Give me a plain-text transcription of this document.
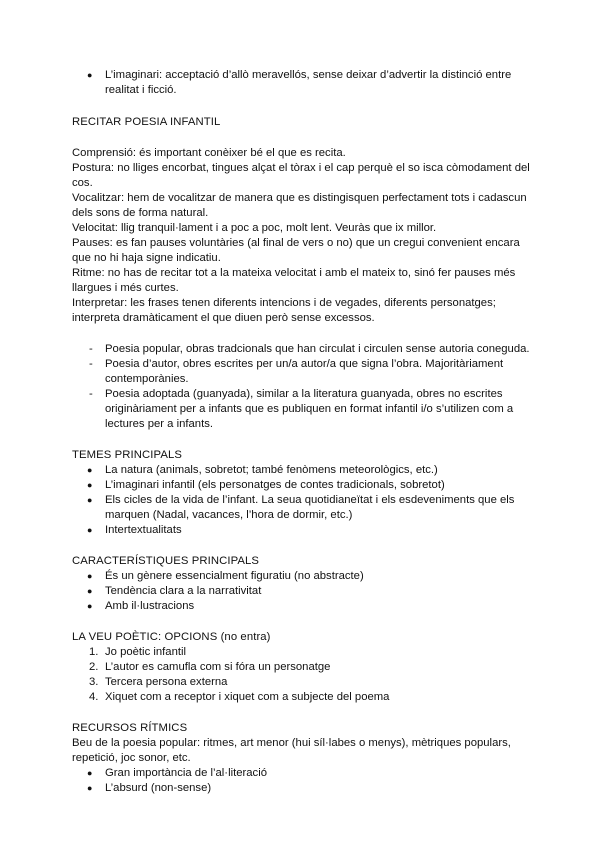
● L’imaginari: acceptació d’allò meravellós, sense deixar d’advertir la distinció entre realitat i ficció.

RECITAR POESIA INFANTIL

Comprensió: és important conèixer bé el que es recita.

Postura: no lliges encorbat, tingues alçat el tòrax i el cap perquè el so isca còmodament del cos.

Vocalitzar: hem de vocalitzar de manera que es distingisquen perfectament tots i cadascun dels sons de forma natural.

Velocitat: llig tranquil·lament i a poc a poc, molt lent. Veuràs que ix millor.

Pauses: es fan pauses voluntàries (al final de vers o no) que un cregui convenient encara que no hi haja signe indicatiu.

Ritme: no has de recitar tot a la mateixa velocitat i amb el mateix to, sinó fer pauses més llargues i més curtes.

Interpretar: les frases tenen diferents intencions i de vegades, diferents personatges; interpreta dramàticament el que diuen però sense excessos.

- Poesia popular, obras tradcionals que han circulat i circulen sense autoria coneguda.
- Poesia d’autor, obres escrites per un/a autor/a que signa l’obra. Majoritàriament contemporànies.
- Poesia adoptada (guanyada), similar a la literatura guanyada, obres no escrites originàriament per a infants que es publiquen en format infantil i/o s’utilizen com a lectures per a infants.

TEMES PRINCIPALS

● La natura (animals, sobretot; també fenòmens meteorològics, etc.)
● L’imaginari infantil (els personatges de contes tradicionals, sobretot)
● Els cicles de la vida de l’infant. La seua quotidianeïtat i els esdeveniments que els marquen (Nadal, vacances, l’hora de dormir, etc.)
● Intertextualitats

CARACTERÍSTIQUES PRINCIPALS

● És un gènere essencialment figuratiu (no abstracte)
● Tendència clara a la narrativitat
● Amb il·lustracions

LA VEU POÈTIC: OPCIONS (no entra)

1. Jo poètic infantil
2. L’autor es camufla com si fóra un personatge
3. Tercera persona externa
4. Xiquet com a receptor i xiquet com a subjecte del poema

RECURSOS RÍTMICS

Beu de la poesia popular: ritmes, art menor (hui síl·labes o menys), mètriques populars, repetició, joc sonor, etc.

● Gran importància de l’al·literació
● L’absurd (non-sense)
